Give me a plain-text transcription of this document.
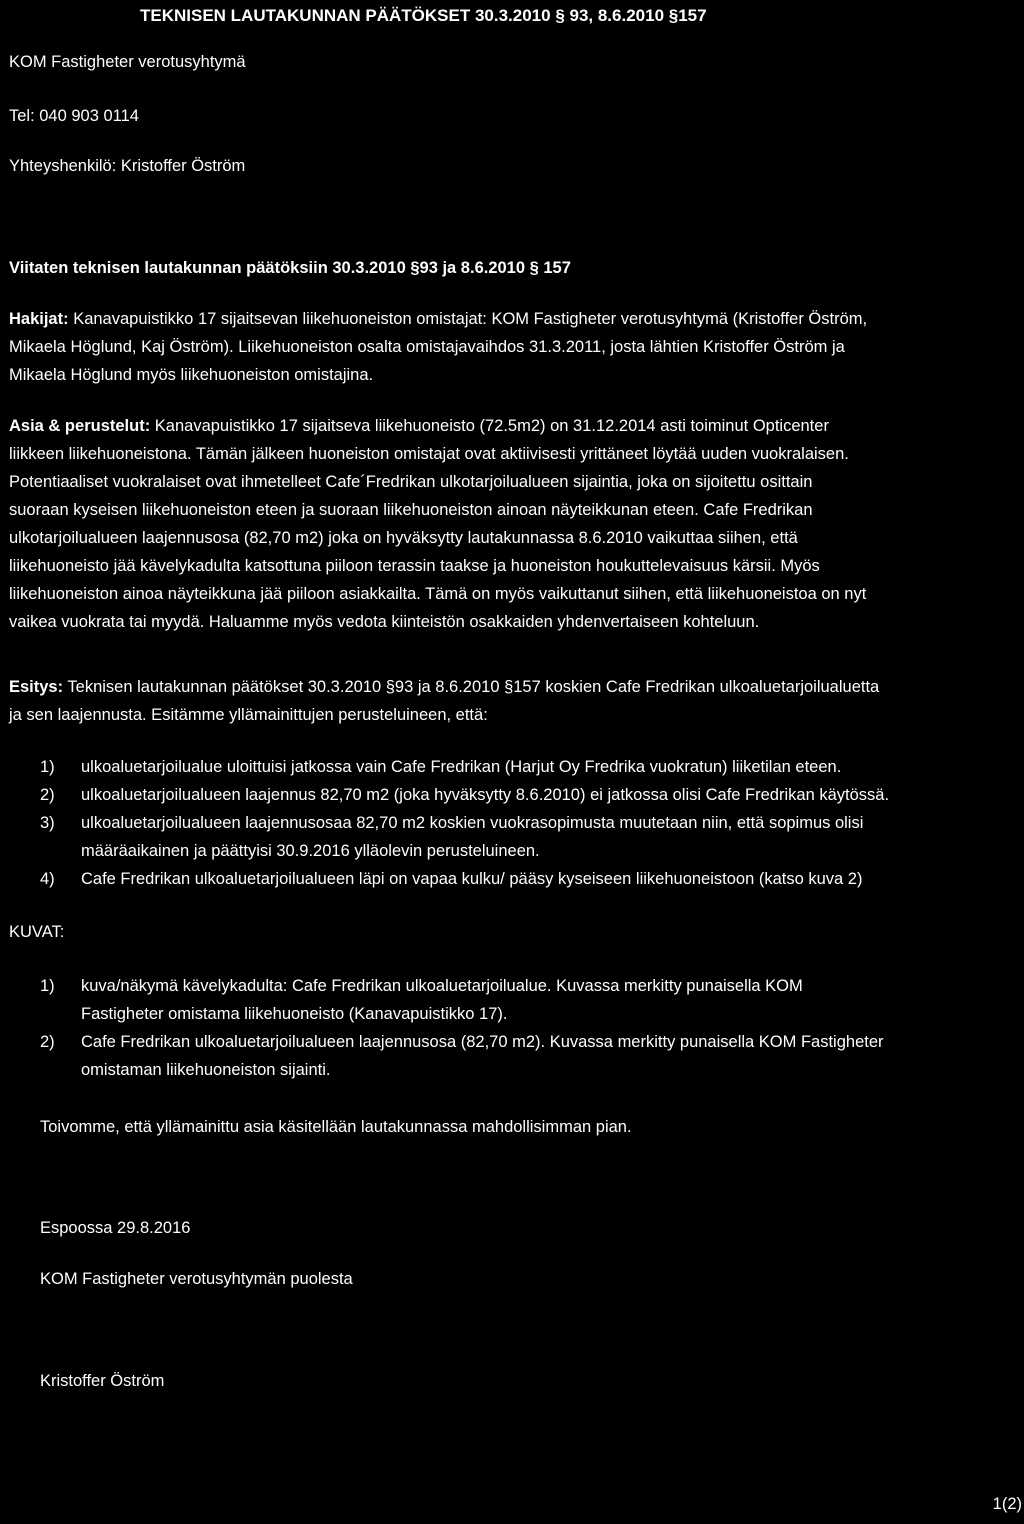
TEKNISEN LAUTAKUNNAN PÄÄTÖKSET 30.3.2010 § 93, 8.6.2010 §157
KOM Fastigheter verotusyhtymä
Tel: 040 903 0114
Yhteyshenkilö: Kristoffer Öström
Viitaten teknisen lautakunnan päätöksiin 30.3.2010 §93 ja 8.6.2010 § 157

Hakijat: Kanavapuistikko 17 sijaitsevan liikehuoneiston omistajat: KOM Fastigheter verotusyhtymä (Kristoffer Öström,

Mikaela Höglund, Kaj Öström). Liikehuoneiston osalta omistajavaihdos 31.3.2011, josta lähtien Kristoffer Öström ja

Mikaela Höglund myös liikehuoneiston omistajina.

Asia & perustelut: Kanavapuistikko 17 sijaitseva liikehuoneisto (72.5m2) on 31.12.2014 asti toiminut Opticenter

liikkeen liikehuoneistona. Tämän jälkeen huoneiston omistajat ovat aktiivisesti yrittäneet löytää uuden vuokralaisen.

Potentiaaliset vuokralaiset ovat ihmetelleet Cafe´Fredrikan ulkotarjoilualueen sijaintia, joka on sijoitettu osittain

suoraan kyseisen liikehuoneiston eteen ja suoraan liikehuoneiston ainoan näyteikkunan eteen. Cafe Fredrikan

ulkotarjoilualueen laajennusosa (82,70 m2) joka on hyväksytty lautakunnassa 8.6.2010 vaikuttaa siihen, että

liikehuoneisto jää kävelykadulta katsottuna piiloon terassin taakse ja huoneiston houkuttelevaisuus kärsii. Myös

liikehuoneiston ainoa näyteikkuna jää piiloon asiakkailta. Tämä on myös vaikuttanut siihen, että liikehuoneistoa on nyt

vaikea vuokrata tai myydä. Haluamme myös vedota kiinteistön osakkaiden yhdenvertaiseen kohteluun.

Esitys: Teknisen lautakunnan päätökset 30.3.2010 §93 ja 8.6.2010 §157 koskien Cafe Fredrikan ulkoaluetarjoilualuetta

ja sen laajennusta. Esitämme yllämainittujen perusteluineen, että:

1)	ulkoaluetarjoilualue uloittuisi jatkossa vain Cafe Fredrikan (Harjut Oy Fredrika vuokratun) liiketilan eteen.
2)	ulkoaluetarjoilualueen laajennus 82,70 m2 (joka hyväksytty 8.6.2010) ei jatkossa olisi Cafe Fredrikan käytössä.
3)	ulkoaluetarjoilualueen laajennusosaa 82,70 m2 koskien vuokrasopimusta muutetaan niin, että sopimus olisi
määräaikainen ja päättyisi 30.9.2016 ylläolevin perusteluineen.
4)	Cafe Fredrikan ulkoaluetarjoilualueen läpi on vapaa kulku/ pääsy kyseiseen liikehuoneistoon (katso kuva 2)
KUVAT:
1)	kuva/näkymä kävelykadulta: Cafe Fredrikan ulkoaluetarjoilualue. Kuvassa merkitty punaisella KOM
Fastigheter omistama liikehuoneisto (Kanavapuistikko 17).
2)	Cafe Fredrikan ulkoaluetarjoilualueen laajennusosa (82,70 m2). Kuvassa merkitty punaisella KOM Fastigheter
omistaman liikehuoneiston sijainti.
Toivomme, että yllämainittu asia käsitellään lautakunnassa mahdollisimman pian.
Espoossa 29.8.2016
KOM Fastigheter verotusyhtymän puolesta
Kristoffer Öström
1(2)
